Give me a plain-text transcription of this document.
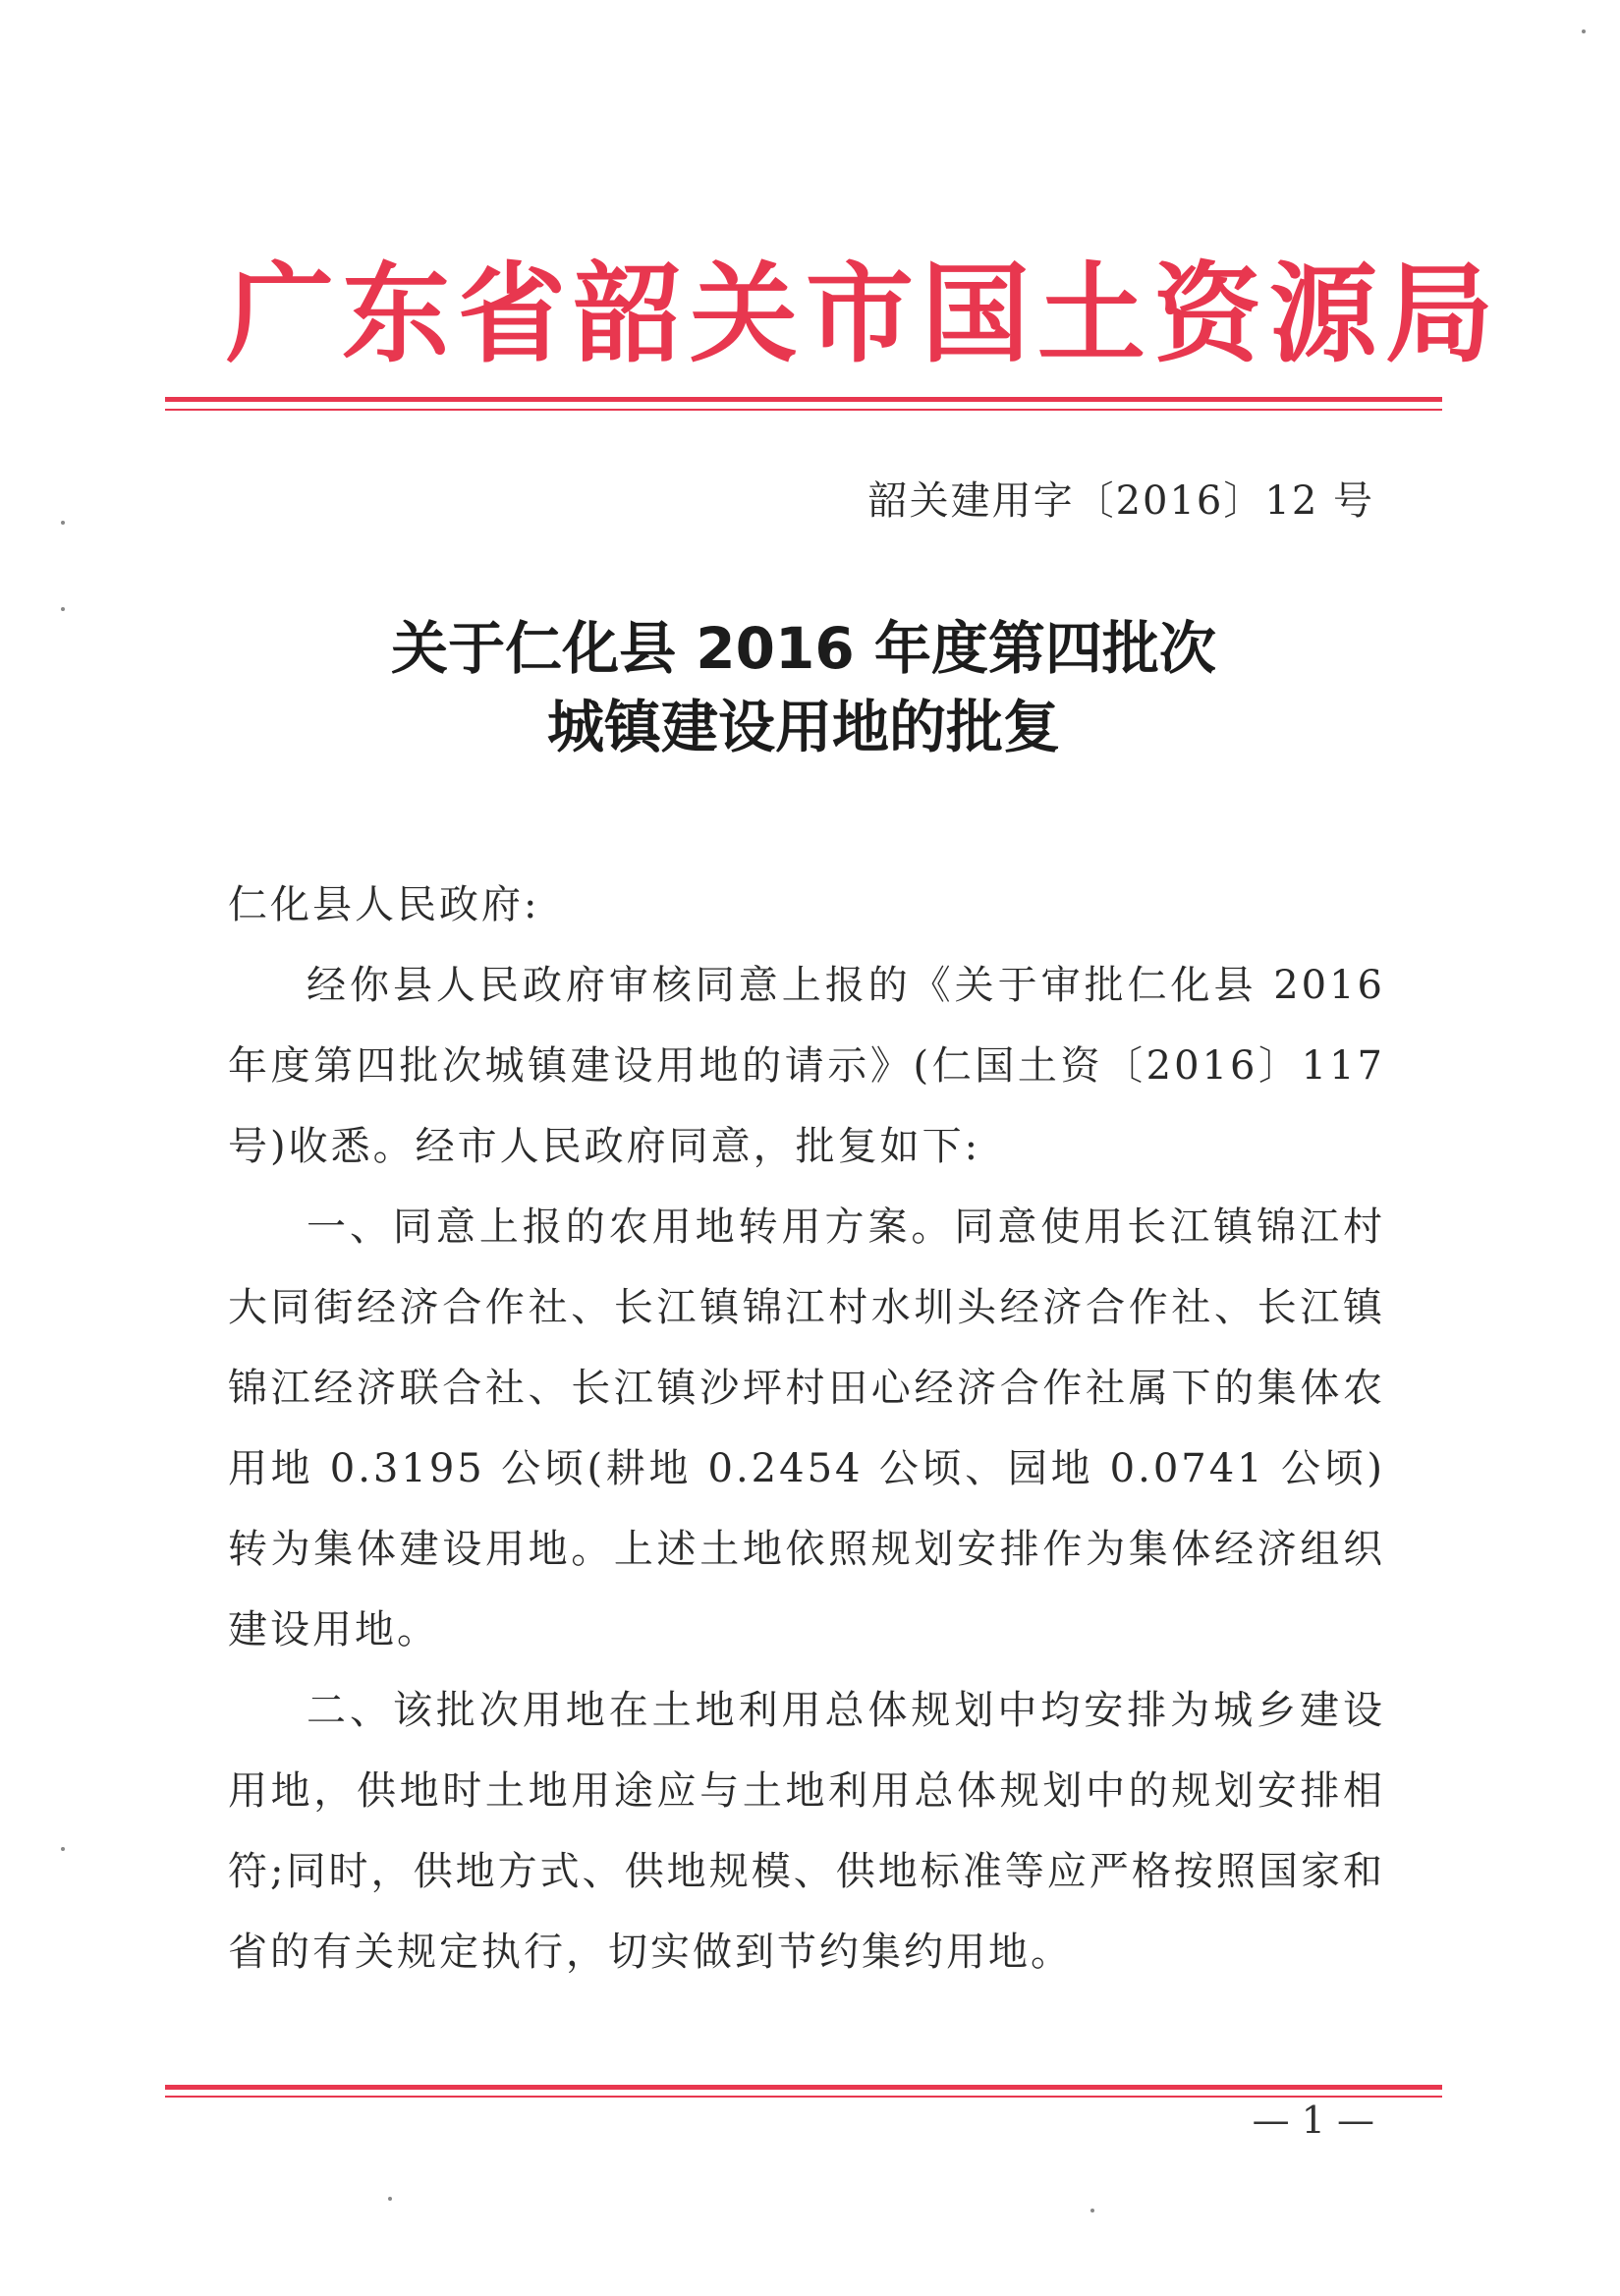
广东省韶关市国土资源局
韶关建用字〔2016〕12 号
关于仁化县 2016 年度第四批次
城镇建设用地的批复

仁化县人民政府:

经你县人民政府审核同意上报的《关于审批仁化县 2016 年度第四批次城镇建设用地的请示》(仁国土资〔2016〕117 号)收悉。经市人民政府同意，批复如下:

一、同意上报的农用地转用方案。同意使用长江镇锦江村大同街经济合作社、长江镇锦江村水圳头经济合作社、长江镇锦江经济联合社、长江镇沙坪村田心经济合作社属下的集体农用地 0.3195 公顷(耕地 0.2454 公顷、园地 0.0741 公顷)转为集体建设用地。上述土地依照规划安排作为集体经济组织建设用地。

二、该批次用地在土地利用总体规划中均安排为城乡建设用地，供地时土地用途应与土地利用总体规划中的规划安排相符;同时，供地方式、供地规模、供地标准等应严格按照国家和省的有关规定执行，切实做到节约集约用地。

— 1 —
